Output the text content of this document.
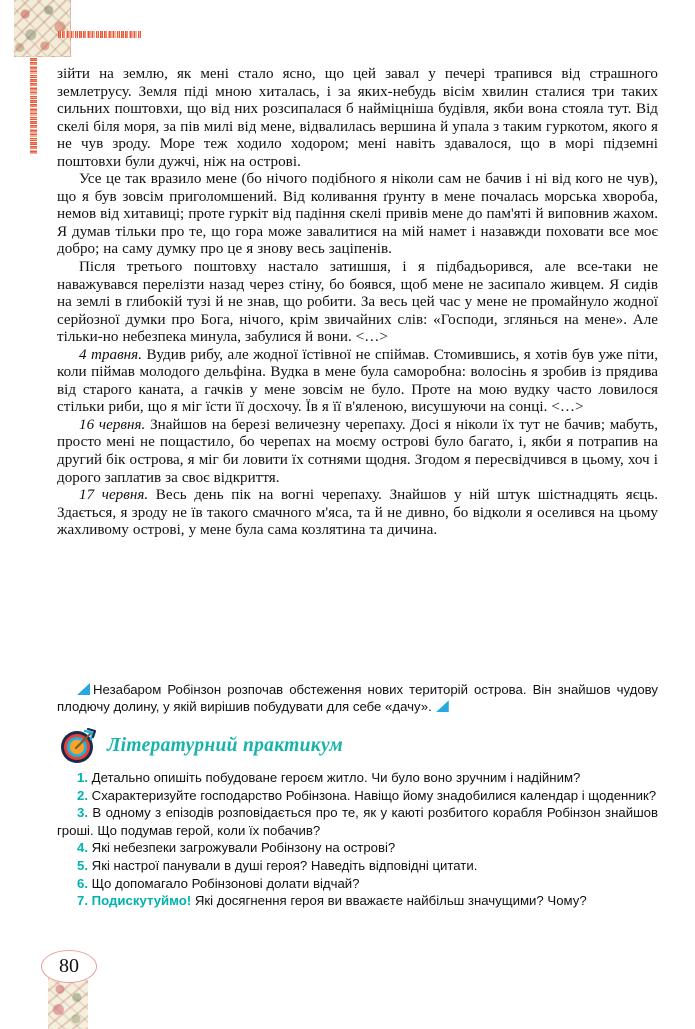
зійти на землю, як мені стало ясно, що цей завал у печері трапився від страшного землетрусу. Земля піді мною хиталась, і за яких-небудь вісім хвилин сталися три таких сильних поштовхи, що від них розсипалася б найміцніша будівля, якби вона стояла тут. Від скелі біля моря, за пів милі від мене, відвалилась вершина й упала з таким гуркотом, якого я не чув зроду. Море теж ходило ходором; мені навіть здавалося, що в морі підземні поштовхи були дужчі, ніж на острові.

Усе це так вразило мене (бо нічого подібного я ніколи сам не бачив і ні від кого не чув), що я був зовсім приголомшений. Від коливання ґрунту в мене почалась морська хвороба, немов від хитавиці; проте гуркіт від падіння скелі привів мене до пам'яті й виповнив жахом. Я думав тільки про те, що гора може завалитися на мій намет і назавжди поховати все моє добро; на саму думку про це я знову весь заціпенів.

Після третього поштовху настало затишшя, і я підбадьорився, але все-таки не наважувався перелізти назад через стіну, бо боявся, щоб мене не засипало живцем. Я сидів на землі в глибокій тузі й не знав, що робити. За весь цей час у мене не промайнуло жодної серйозної думки про Бога, нічого, крім звичайних слів: «Господи, зглянься на мене». Але тільки-но небезпека минула, забулися й вони. <…>

4 травня. Вудив рибу, але жодної їстівної не спіймав. Стомившись, я хотів був уже піти, коли піймав молодого дельфіна. Вудка в мене була саморобна: волосінь я зробив із прядива від старого каната, а гачків у мене зовсім не було. Проте на мою вудку часто ловилося стільки риби, що я міг їсти її досхочу. Їв я її в'яленою, висушуючи на сонці. <…>

16 червня. Знайшов на березі величезну черепаху. Досі я ніколи їх тут не бачив; мабуть, просто мені не пощастило, бо черепах на моєму острові було багато, і, якби я потрапив на другий бік острова, я міг би ловити їх сотнями щодня. Згодом я пересвідчився в цьому, хоч і дорого заплатив за своє відкриття.

17 червня. Весь день пік на вогні черепаху. Знайшов у ній штук шістнадцять яєць. Здається, я зроду не їв такого смачного м'яса, та й не дивно, бо відколи я оселився на цьому жахливому острові, у мене була сама козлятина та дичина.

Незабаром Робінзон розпочав обстеження нових територій острова. Він знайшов чудову плодючу долину, у якій вирішив побудувати для себе «дачу».
Літературний практикум

1. Детально опишіть побудоване героєм житло. Чи було воно зручним і надійним?

2. Схарактеризуйте господарство Робінзона. Навіщо йому знадобилися календар і щоденник?

3. В одному з епізодів розповідається про те, як у каюті розбитого корабля Робінзон знайшов гроші. Що подумав герой, коли їх побачив?

4. Які небезпеки загрожували Робінзону на острові?

5. Які настрої панували в душі героя? Наведіть відповідні цитати.

6. Що допомагало Робінзонові долати відчай?

7. Подискутуймо! Які досягнення героя ви вважаєте найбільш значущими? Чому?

80
